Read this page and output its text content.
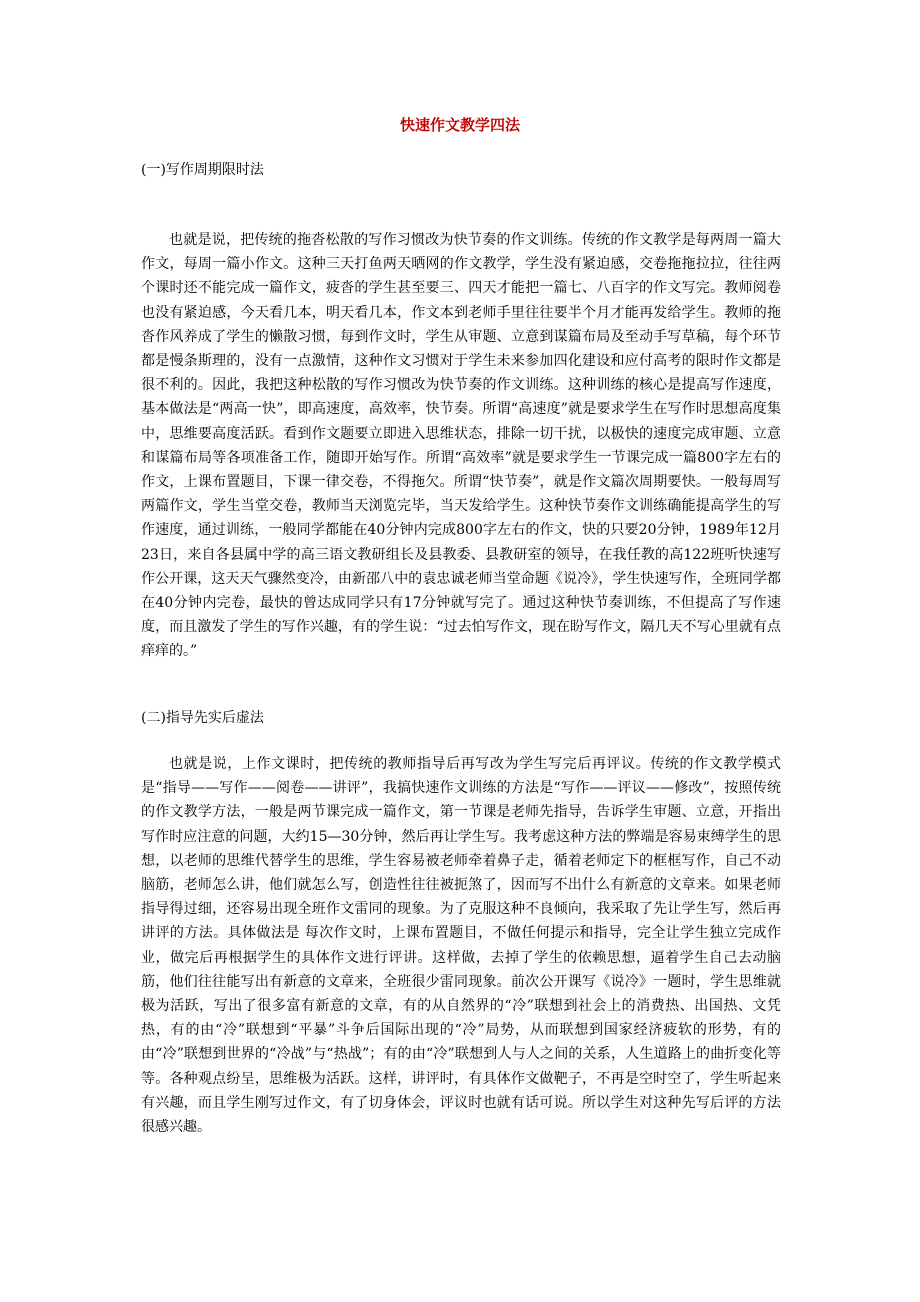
快速作文教学四法
(一)写作周期限时法

也就是说，把传统的拖沓松散的写作习惯改为快节奏的作文训练。传统的作文教学是每两周一篇大作文，每周一篇小作文。这种三天打鱼两天晒网的作文教学，学生没有紧迫感，交卷拖拖拉拉，往往两个课时还不能完成一篇作文，疲沓的学生甚至要三、四天才能把一篇七、八百字的作文写完。教师阅卷也没有紧迫感，今天看几本，明天看几本，作文本到老师手里往往要半个月才能再发给学生。教师的拖沓作风养成了学生的懒散习惯，每到作文时，学生从审题、立意到谋篇布局及至动手写草稿，每个环节都是慢条斯理的，没有一点激情，这种作文习惯对于学生未来参加四化建设和应付高考的限时作文都是很不利的。因此，我把这种松散的写作习惯改为快节奏的作文训练。这种训练的核心是提高写作速度，基本做法是“两高一快”，即高速度，高效率，快节奏。所谓“高速度”就是要求学生在写作时思想高度集中，思维要高度活跃。看到作文题要立即进入思维状态，排除一切干扰，以极快的速度完成审题、立意和谋篇布局等各项准备工作，随即开始写作。所谓“高效率”就是要求学生一节课完成一篇800字左右的作文，上课布置题目，下课一律交卷，不得拖欠。所谓“快节奏”，就是作文篇次周期要快。一般每周写两篇作文，学生当堂交卷，教师当天浏览完毕，当天发给学生。这种快节奏作文训练确能提高学生的写作速度，通过训练，一般同学都能在40分钟内完成800字左右的作文，快的只要20分钟，1989年12月23日，来自各县属中学的高三语文教研组长及县教委、县教研室的领导，在我任教的高122班听快速写作公开课，这天天气骤然变冷，由新邵八中的袁忠诚老师当堂命题《说冷》，学生快速写作，全班同学都在40分钟内完卷，最快的曾达成同学只有17分钟就写完了。通过这种快节奏训练，不但提高了写作速度，而且激发了学生的写作兴趣，有的学生说：“过去怕写作文，现在盼写作文，隔几天不写心里就有点痒痒的。”

(二)指导先实后虚法

也就是说，上作文课时，把传统的教师指导后再写改为学生写完后再评议。传统的作文教学模式是“指导——写作——阅卷——讲评”，我搞快速作文训练的方法是“写作——评议——修改”，按照传统的作文教学方法，一般是两节课完成一篇作文，第一节课是老师先指导，告诉学生审题、立意，开指出写作时应注意的问题，大约15—30分钟，然后再让学生写。我考虑这种方法的弊端是容易束缚学生的思想，以老师的思维代替学生的思维，学生容易被老师牵着鼻子走，循着老师定下的框框写作，自己不动脑筋，老师怎么讲，他们就怎么写，创造性往往被扼煞了，因而写不出什么有新意的文章来。如果老师指导得过细，还容易出现全班作文雷同的现象。为了克服这种不良倾向，我采取了先让学生写，然后再讲评的方法。具体做法是 每次作文时，上课布置题目，不做任何提示和指导，完全让学生独立完成作业，做完后再根据学生的具体作文进行评讲。这样做，去掉了学生的依赖思想，逼着学生自己去动脑筋，他们往往能写出有新意的文章来，全班很少雷同现象。前次公开课写《说冷》一题时，学生思维就极为活跃，写出了很多富有新意的文章，有的从自然界的“冷”联想到社会上的消费热、出国热、文凭热，有的由“冷”联想到“平暴”斗争后国际出现的“冷”局势，从而联想到国家经济疲软的形势，有的由“冷”联想到世界的“冷战”与“热战”；有的由“冷”联想到人与人之间的关系，人生道路上的曲折变化等等。各种观点纷呈，思维极为活跃。这样，讲评时，有具体作文做靶子，不再是空时空了，学生听起来有兴趣，而且学生刚写过作文，有了切身体会，评议时也就有话可说。所以学生对这种先写后评的方法很感兴趣。
